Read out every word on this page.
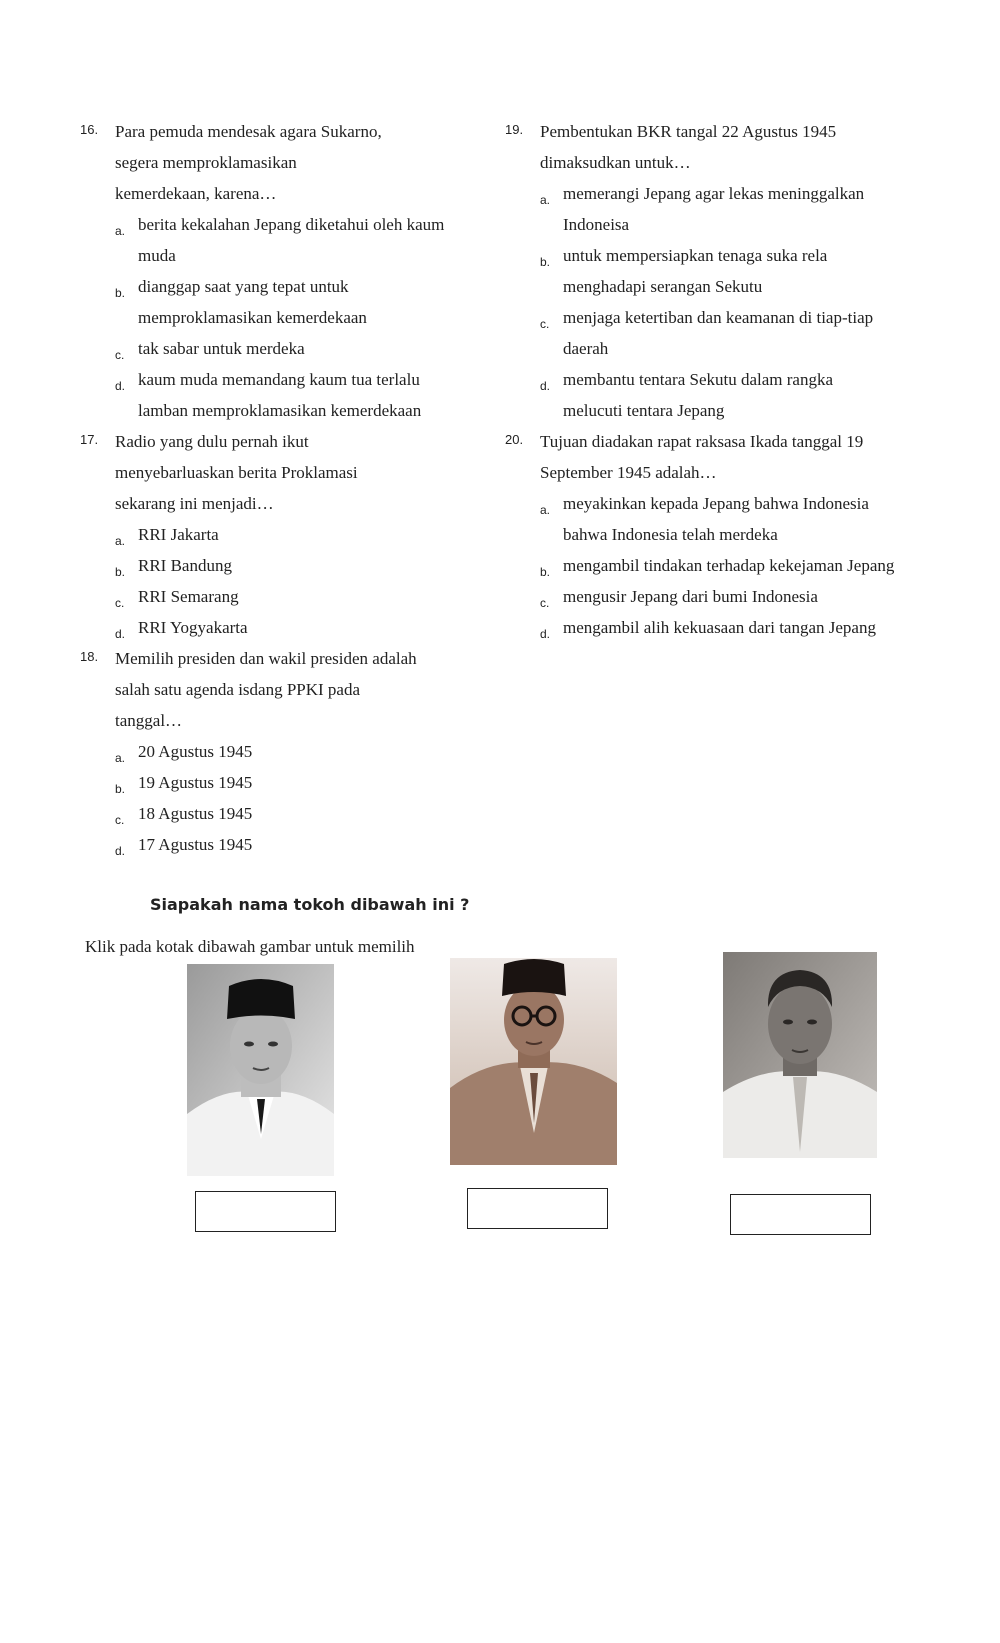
16. Para pemuda mendesak agara Sukarno,
segera memproklamasikan
kemerdekaan, karena…
a. berita kekalahan Jepang diketahui oleh kaum
muda
b. dianggap saat yang tepat untuk
memproklamasikan kemerdekaan
c. tak sabar untuk merdeka
d. kaum muda memandang kaum tua terlalu
lamban memproklamasikan kemerdekaan
17. Radio yang dulu pernah ikut
menyebarluaskan berita Proklamasi
sekarang ini menjadi…
a. RRI Jakarta
b. RRI Bandung
c. RRI Semarang
d. RRI Yogyakarta
18. Memilih presiden dan wakil presiden adalah
salah satu agenda isdang PPKI pada
tanggal…
a. 20 Agustus 1945
b. 19 Agustus 1945
c. 18 Agustus 1945
d. 17 Agustus 1945
19. Pembentukan BKR tangal 22 Agustus 1945
dimaksudkan untuk…
a. memerangi Jepang agar lekas meninggalkan
Indoneisa
b. untuk mempersiapkan tenaga suka rela
menghadapi serangan Sekutu
c. menjaga ketertiban dan keamanan di tiap-tiap
daerah
d. membantu tentara Sekutu dalam rangka
melucuti tentara Jepang
20. Tujuan diadakan rapat raksasa Ikada tanggal 19
September 1945 adalah…
a. meyakinkan kepada Jepang bahwa Indonesia
bahwa Indonesia telah merdeka
b. mengambil tindakan terhadap kekejaman Jepang
c. mengusir Jepang dari bumi Indonesia
d. mengambil alih kekuasaan dari tangan Jepang
Siapakah nama tokoh dibawah ini ?
Klik pada kotak dibawah gambar untuk memilih
